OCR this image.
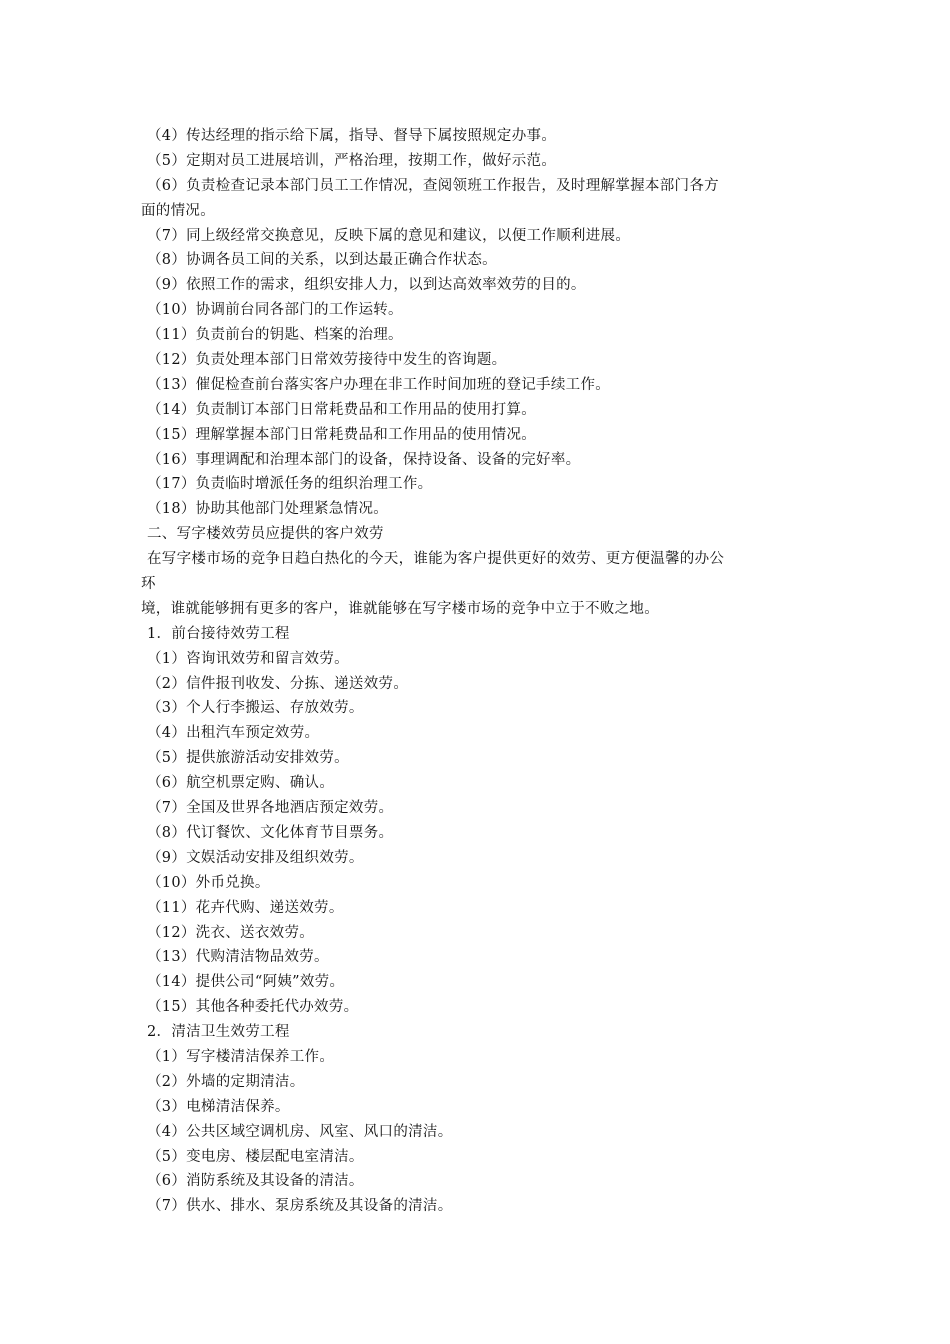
（4）传达经理的指示给下属，指导、督导下属按照规定办事。
（5）定期对员工进展培训，严格治理，按期工作，做好示范。
（6）负责检查记录本部门员工工作情况，查阅领班工作报告，及时理解掌握本部门各方
面的情况。
（7）同上级经常交换意见，反映下属的意见和建议，以便工作顺利进展。
（8）协调各员工间的关系，以到达最正确合作状态。
（9）依照工作的需求，组织安排人力，以到达高效率效劳的目的。
（10）协调前台同各部门的工作运转。
（11）负责前台的钥匙、档案的治理。
（12）负责处理本部门日常效劳接待中发生的咨询题。
（13）催促检查前台落实客户办理在非工作时间加班的登记手续工作。
（14）负责制订本部门日常耗费品和工作用品的使用打算。
（15）理解掌握本部门日常耗费品和工作用品的使用情况。
（16）事理调配和治理本部门的设备，保持设备、设备的完好率。
（17）负责临时增派任务的组织治理工作。
（18）协助其他部门处理紧急情况。
二、写字楼效劳员应提供的客户效劳
在写字楼市场的竞争日趋白热化的今天，谁能为客户提供更好的效劳、更方便温馨的办公
环
境，谁就能够拥有更多的客户，谁就能够在写字楼市场的竞争中立于不败之地。
1．前台接待效劳工程
（1）咨询讯效劳和留言效劳。
（2）信件报刊收发、分拣、递送效劳。
（3）个人行李搬运、存放效劳。
（4）出租汽车预定效劳。
（5）提供旅游活动安排效劳。
（6）航空机票定购、确认。
（7）全国及世界各地酒店预定效劳。
（8）代订餐饮、文化体育节目票务。
（9）文娱活动安排及组织效劳。
（10）外币兑换。
（11）花卉代购、递送效劳。
（12）洗衣、送衣效劳。
（13）代购清洁物品效劳。
（14）提供公司“阿姨”效劳。
（15）其他各种委托代办效劳。
2．清洁卫生效劳工程
（1）写字楼清洁保养工作。
（2）外墙的定期清洁。
（3）电梯清洁保养。
（4）公共区域空调机房、风室、风口的清洁。
（5）变电房、楼层配电室清洁。
（6）消防系统及其设备的清洁。
（7）供水、排水、泵房系统及其设备的清洁。
